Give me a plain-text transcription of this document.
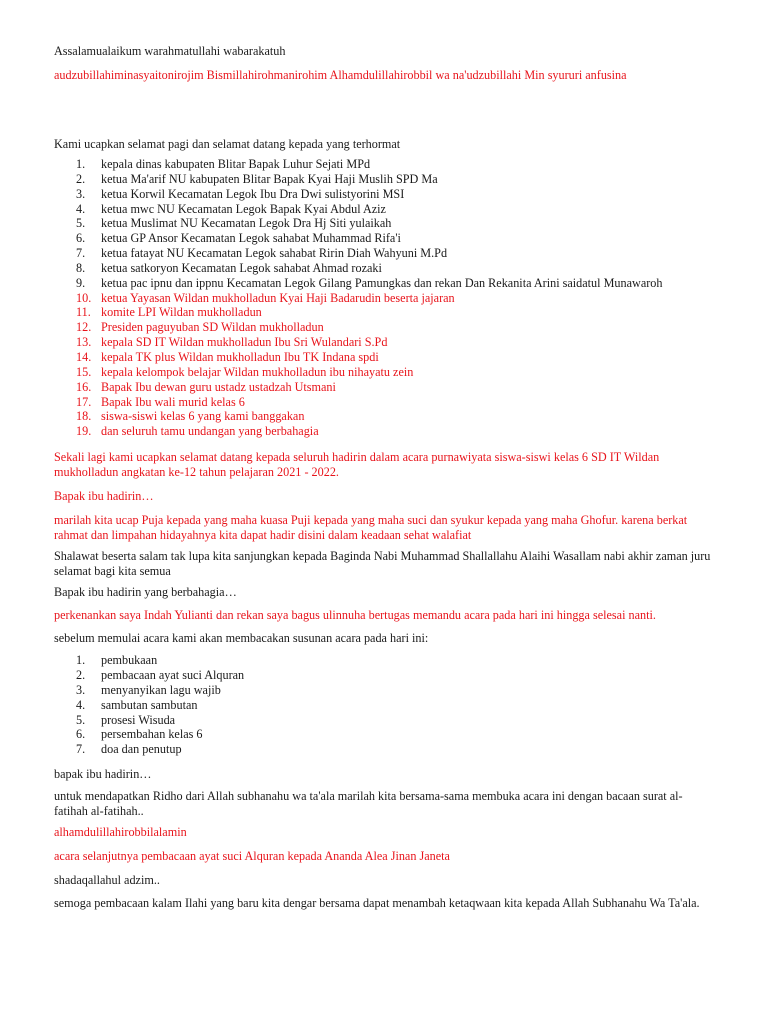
Assalamualaikum warahmatullahi wabarakatuh

audzubillahiminasyaitonirojim Bismillahirohmanirohim Alhamdulillahirobbil wa na'udzubillahi Min syururi anfusina

Kami ucapkan selamat pagi dan selamat datang kepada yang terhormat

1. kepala dinas kabupaten Blitar Bapak Luhur Sejati MPd
2. ketua Ma'arif NU kabupaten Blitar Bapak Kyai Haji Muslih SPD Ma
3. ketua Korwil Kecamatan Legok Ibu Dra Dwi sulistyorini MSI
4. ketua mwc NU Kecamatan Legok Bapak Kyai Abdul Aziz
5. ketua Muslimat NU Kecamatan Legok Dra Hj Siti yulaikah
6. ketua GP Ansor Kecamatan Legok sahabat Muhammad Rifa'i
7. ketua fatayat NU Kecamatan Legok sahabat Ririn Diah Wahyuni M.Pd
8. ketua satkoryon Kecamatan Legok sahabat Ahmad rozaki
9. ketua pac ipnu dan ippnu Kecamatan Legok Gilang Pamungkas dan rekan Dan Rekanita Arini saidatul Munawaroh
10. ketua Yayasan Wildan mukholladun Kyai Haji Badarudin beserta jajaran
11. komite LPI Wildan mukholladun
12. Presiden paguyuban SD Wildan mukholladun
13. kepala SD IT Wildan mukholladun Ibu Sri Wulandari S.Pd
14. kepala TK plus Wildan mukholladun Ibu TK Indana spdi
15. kepala kelompok belajar Wildan mukholladun ibu nihayatu zein
16. Bapak Ibu dewan guru ustadz ustadzah Utsmani
17. Bapak Ibu wali murid kelas 6
18. siswa-siswi kelas 6 yang kami banggakan
19. dan seluruh tamu undangan yang berbahagia

Sekali lagi kami ucapkan selamat datang kepada seluruh hadirin dalam acara purnawiyata siswa-siswi kelas 6 SD IT Wildan mukholladun angkatan ke-12 tahun pelajaran 2021 - 2022.

Bapak ibu hadirin…

marilah kita ucap Puja kepada yang maha kuasa Puji kepada yang maha suci dan syukur kepada yang maha Ghofur. karena berkat rahmat dan limpahan hidayahnya kita dapat hadir disini dalam keadaan sehat walafiat

Shalawat beserta salam tak lupa kita sanjungkan kepada Baginda Nabi Muhammad Shallallahu Alaihi Wasallam nabi akhir zaman juru selamat bagi kita semua

Bapak ibu hadirin yang berbahagia…

perkenankan saya Indah Yulianti dan rekan saya bagus ulinnuha bertugas memandu acara pada hari ini hingga selesai nanti.

sebelum memulai acara kami akan membacakan susunan acara pada hari ini:

1. pembukaan
2. pembacaan ayat suci Alquran
3. menyanyikan lagu wajib
4. sambutan sambutan
5. prosesi Wisuda
6. persembahan kelas 6
7. doa dan penutup

bapak ibu hadirin…

untuk mendapatkan Ridho dari Allah subhanahu wa ta'ala marilah kita bersama-sama membuka acara ini dengan bacaan surat al-fatihah al-fatihah..

alhamdulillahirobbilalamin

acara selanjutnya pembacaan ayat suci Alquran kepada Ananda Alea Jinan Janeta

shadaqallahul adzim..

semoga pembacaan kalam Ilahi yang baru kita dengar bersama dapat menambah ketaqwaan kita kepada Allah Subhanahu Wa Ta'ala.
